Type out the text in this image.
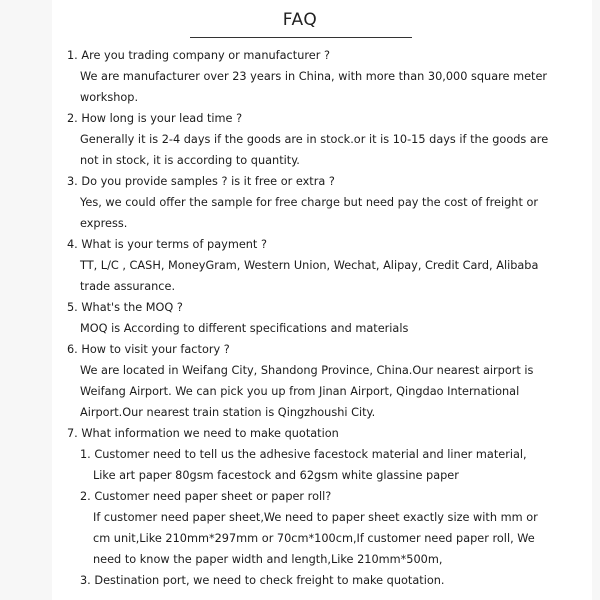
FAQ
1. Are you trading company or manufacturer ?
We are manufacturer over 23 years in China, with more than 30,000 square meter
workshop.
2. How long is your lead time ?
Generally it is 2-4 days if the goods are in stock.or it is 10-15 days if the goods are
not in stock, it is according to quantity.
3. Do you provide samples ? is it free or extra ?
Yes, we could offer the sample for free charge but need pay the cost of freight or
express.
4. What is your terms of payment ?
TT, L/C , CASH, MoneyGram, Western Union, Wechat, Alipay, Credit Card, Alibaba
trade assurance.
5. What's the MOQ ?
MOQ is According to different specifications and materials
6. How to visit your factory ?
We are located in Weifang City, Shandong Province, China.Our nearest airport is
Weifang Airport. We can pick you up from Jinan Airport, Qingdao International
Airport.Our nearest train station is Qingzhoushi City.
7. What information we need to make quotation
1. Customer need to tell us the adhesive facestock material and liner material,
Like art paper 80gsm facestock and 62gsm white glassine paper
2. Customer need paper sheet or paper roll?
If customer need paper sheet,We need to paper sheet exactly size with mm or
cm unit,Like 210mm*297mm or 70cm*100cm,If customer need paper roll, We
need to know the paper width and length,Like 210mm*500m,
3. Destination port, we need to check freight to make quotation.
